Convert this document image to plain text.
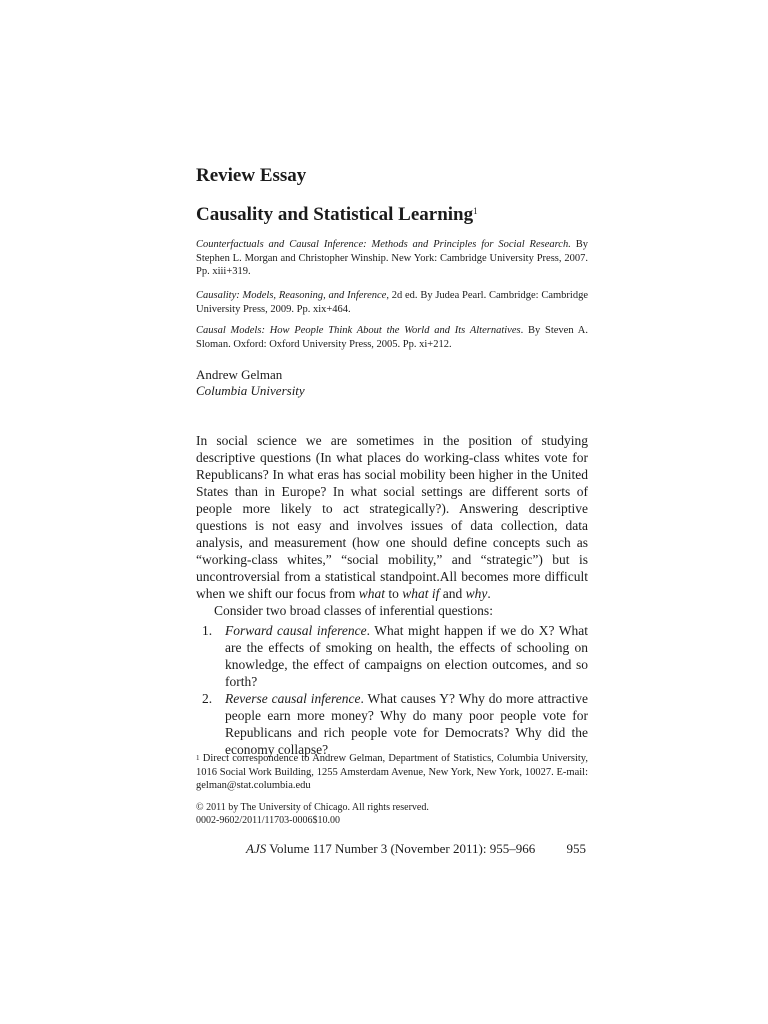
Review Essay
Causality and Statistical Learning$^1$
Counterfactuals and Causal Inference: Methods and Principles for Social Research. By Stephen L. Morgan and Christopher Winship. New York: Cambridge University Press, 2007. Pp. xiii+319.
Causality: Models, Reasoning, and Inference, 2d ed. By Judea Pearl. Cambridge: Cambridge University Press, 2009. Pp. xix+464.
Causal Models: How People Think About the World and Its Alternatives. By Steven A. Sloman. Oxford: Oxford University Press, 2005. Pp. xi+212.
Andrew Gelman
Columbia University

In social science we are sometimes in the position of studying descriptive questions (In what places do working-class whites vote for Republicans? In what eras has social mobility been higher in the United States than in Europe? In what social settings are different sorts of people more likely to act strategically?). Answering descriptive questions is not easy and involves issues of data collection, data analysis, and measurement (how one should define concepts such as “working-class whites,” “social mobility,” and “strategic”) but is uncontroversial from a statistical standpoint.All becomes more difficult when we shift our focus from what to what if and why.

Consider two broad classes of inferential questions:

1. Forward causal inference. What might happen if we do X? What are the effects of smoking on health, the effects of schooling on knowledge, the effect of campaigns on election outcomes, and so forth?
2. Reverse causal inference. What causes Y? Why do more attractive people earn more money? Why do many poor people vote for Republicans and rich people vote for Democrats? Why did the economy collapse?
$^1$ Direct correspondence to Andrew Gelman, Department of Statistics, Columbia University, 1016 Social Work Building, 1255 Amsterdam Avenue, New York, New York, 10027. E-mail: gelman@stat.columbia.edu
© 2011 by The University of Chicago. All rights reserved.
0002-9602/2011/11703-0006$10.00
AJS Volume 117 Number 3 (November 2011): 955–966 955
